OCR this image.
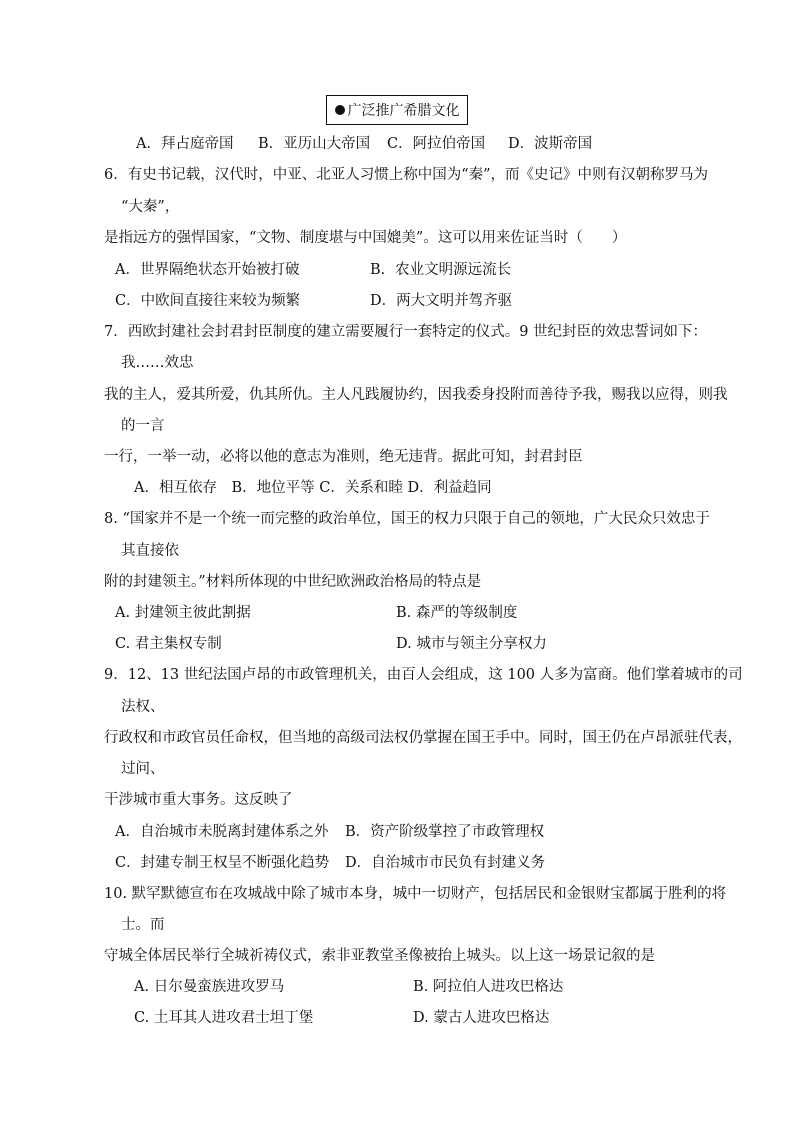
广泛推广希腊文化
A．拜占庭帝国 B．亚历山大帝国 C．阿拉伯帝国 D．波斯帝国
6．有史书记载，汉代时，中亚、北亚人习惯上称中国为“秦”，而《史记》中则有汉朝称罗马为
“大秦”，
是指远方的强悍国家，“文物、制度堪与中国媲美”。这可以用来佐证当时（　　）
A．世界隔绝状态开始被打破	B．农业文明源远流长
C．中欧间直接往来较为频繁	D．两大文明并驾齐驱
7．西欧封建社会封君封臣制度的建立需要履行一套特定的仪式。9 世纪封臣的效忠誓词如下：
我……效忠
我的主人，爱其所爱，仇其所仇。主人凡践履协约，因我委身投附而善待予我，赐我以应得，则我
的一言
一行，一举一动，必将以他的意志为准则，绝无违背。据此可知，封君封臣
A．相互依存　B．地位平等 C．关系和睦 D．利益趋同
8. “国家并不是一个统一而完整的政治单位，国王的权力只限于自己的领地，广大民众只效忠于
其直接依
附的封建领主。”材料所体现的中世纪欧洲政治格局的特点是
A. 封建领主彼此割据	B. 森严的等级制度
C. 君主集权专制	D. 城市与领主分享权力
9．12、13 世纪法国卢昂的市政管理机关，由百人会组成，这 100 人多为富商。他们掌着城市的司
法权、
行政权和市政官员任命权，但当地的高级司法权仍掌握在国王手中。同时，国王仍在卢昂派驻代表，
过问、
干涉城市重大事务。这反映了
A．自治城市未脱离封建体系之外 B．资产阶级掌控了市政管理权
C．封建专制王权呈不断强化趋势 D．自治城市市民负有封建义务
10. 默罕默德宣布在攻城战中除了城市本身，城中一切财产，包括居民和金银财宝都属于胜利的将
士。而
守城全体居民举行全城祈祷仪式，索非亚教堂圣像被抬上城头。以上这一场景记叙的是
A. 日尔曼蛮族进攻罗马	B. 阿拉伯人进攻巴格达
C. 土耳其人进攻君士坦丁堡	D. 蒙古人进攻巴格达
